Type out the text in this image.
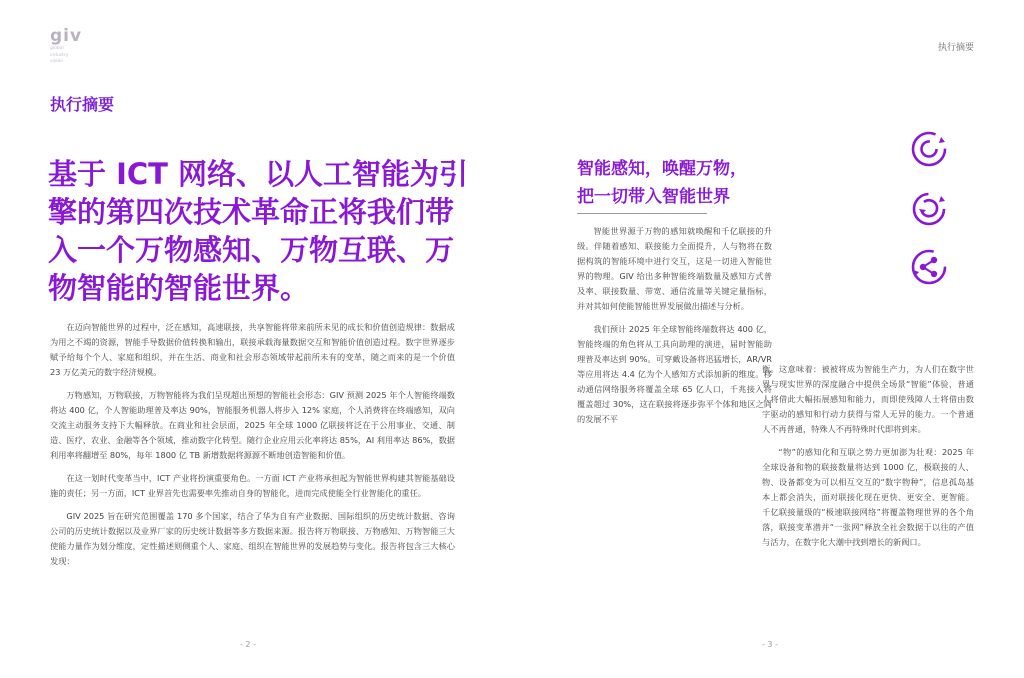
giv
global
industry
vision
执行摘要
基于 ICT 网络、以人工智能为引擎的第四次技术革命正将我们带入一个万物感知、万物互联、万物智能的智能世界。

在迈向智能世界的过程中，泛在感知，高速联接，共享智能将带来前所未见的成长和价值创造规律：数据成为用之不竭的资源，智能手导数据价值转换和输出，联接承载海量数据交互和智能价值创造过程。数字世界逐步赋予给每个个人、家庭和组织，并在生活、商业和社会形态领域带起前所未有的变革，随之而来的是一个价值 23 万亿美元的数字经济规模。

万物感知，万物联接，万物智能将为我们呈现超出预想的智能社会形态：GIV 预测 2025 年个人智能终端数将达 400 亿，个人智能助理普及率达 90%，智能服务机器人将步入 12% 家庭，个人消费将在终端感知，双向交流主动服务支持下大幅释放。在商业和社会层面，2025 年全球 1000 亿联接将泛在于公用事业、交通、制造、医疗、农业、金融等各个领域，推动数字化转型。随行企业应用云化率将达 85%，AI 利用率达 86%，数据利用率将翻增至 80%，每年 1800 亿 TB 新增数据将源源不断地创造智能和价值。

在这一划时代变革当中，ICT 产业将扮演重要角色。一方面 ICT 产业将承担起为智能世界构建其智能基础设施的责任；另一方面，ICT 业界首先也需要率先推动自身的智能化，进而完成使能全行业智能化的重任。

GIV 2025 旨在研究范围覆盖 170 多个国家，结合了华为自有产业数据、国际组织的历史统计数据、咨询公司的历史统计数据以及业界厂家的历史统计数据等多方数据来源。报告将万物联接、万物感知、万物智能三大使能力量作为划分维度，定性描述则侧重个人、家庭、组织在智能世界的发展趋势与变化。报告将包含三大核心发现：

- 2 -
执行摘要
智能感知，唤醒万物，
把一切带入智能世界

智能世界源于万物的感知就唤醒和千亿联接的升级。伴随着感知、联接能力全面提升，人与物将在数据构筑的智能环境中进行交互，这是一切进入智能世界的物理。GIV 给出多种智能终端数量及感知方式普及率、联接数量、带宽、通信流量等关键定量指标，并对其如何使能智能世界发展做出描述与分析。

我们预计 2025 年全球智能终端数将达 400 亿，智能终端的角色将从工具向助理的演进，届时智能助理普及率达到 90%。可穿戴设备将迅猛增长，AR/VR 等应用将达 4.4 亿为个人感知方式添加新的维度。移动通信网络服务将覆盖全球 65 亿人口，千兆接入将覆盖超过 30%，这在联接将逐步弥平个体和地区之间的发展不平

衡。这意味着：被被将成为智能生产力，为人们在数字世界与现实世界的深度融合中提供全场景“智能”体验，普通人将借此大幅拓展感知和能力，而即使残障人士将借由数字驱动的感知和行动力获得与常人无异的能力。一个普通人不再普通，特殊人不再特殊时代即将到来。

“物”的感知化和互联之势力更加澎为壮观：2025 年全球设备和物的联接数量将达到 1000 亿，极联接的人、物、设备都变为可以相互交互的“数字物种”，信息孤岛基本上都会消失，面对联接化现在更快、更安全、更智能。千亿联接量级的“极速联接网络”将覆盖物理世界的各个角落，联接变革潜并“一张网”释放全社会数据于以往的产值与活力，在数字化大潮中找到增长的新阀口。

- 3 -
